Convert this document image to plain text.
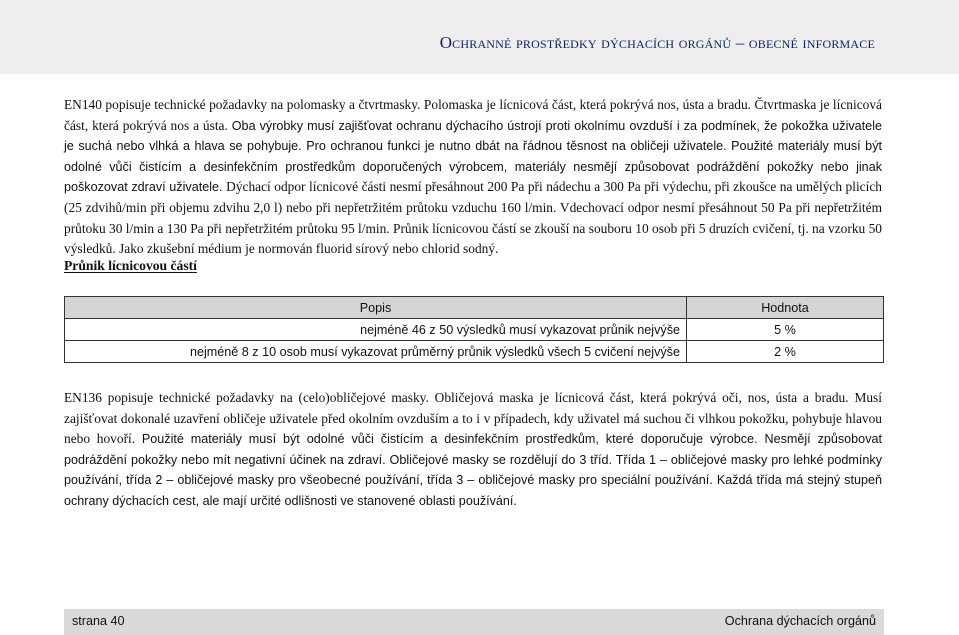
Ochranné prostředky dýchacích orgánů – obecné informace
EN140 popisuje technické požadavky na polomasky a čtvrtmasky. Polomaska je lícnicová část, která pokrývá nos, ústa a bradu. Čtvrtmaska je lícnicová část, která pokrývá nos a ústa. Oba výrobky musí zajišťovat ochranu dýchacího ústrojí proti okolnímu ovzduší i za podmínek, že pokožka uživatele je suchá nebo vlhká a hlava se pohybuje. Pro ochranou funkci je nutno dbát na řádnou těsnost na obličeji uživatele. Použité materiály musí být odolné vůči čistícím a desinfekčním prostředkům doporučených výrobcem, materiály nesmějí způsobovat podráždění pokožky nebo jinak poškozovat zdraví uživatele. Dýchací odpor lícnicové části nesmí přesáhnout 200 Pa při nádechu a 300 Pa při výdechu, při zkoušce na umělých plicích (25 zdvihů/min při objemu zdvihu 2,0 l) nebo při nepřetržitém průtoku vzduchu 160 l/min. Vdechovací odpor nesmí přesáhnout 50 Pa při nepřetržitém průtoku 30 l/min a 130 Pa při nepřetržitém průtoku 95 l/min. Průnik lícnicovou částí se zkouší na souboru 10 osob při 5 druzích cvičení, tj. na vzorku 50 výsledků. Jako zkušební médium je normován fluorid sírový nebo chlorid sodný.
Průnik lícnicovou částí
Popis	Hodnota
nejméně 46 z 50 výsledků musí vykazovat průnik nejvýše	5 %
nejméně 8 z 10 osob musí vykazovat průměrný průnik výsledků všech 5 cvičení nejvýše	2 %
EN136 popisuje technické požadavky na (celo)obličejové masky. Obličejová maska je lícnicová část, která pokrývá oči, nos, ústa a bradu. Musí zajišťovat dokonalé uzavření obličeje uživatele před okolním ovzduším a to i v případech, kdy uživatel má suchou či vlhkou pokožku, pohybuje hlavou nebo hovoří. Použité materiály musí být odolné vůči čistícím a desinfekčním prostředkům, které doporučuje výrobce. Nesmějí způsobovat podráždění pokožky nebo mít negativní účinek na zdraví. Obličejové masky se rozdělují do 3 tříd. Třída 1 – obličejové masky pro lehké podmínky používání, třída 2 – obličejové masky pro všeobecné používání, třída 3 – obličejové masky pro speciální používání. Každá třída má stejný stupeň ochrany dýchacích cest, ale mají určité odlišnosti ve stanovené oblasti používání.
strana 40	Ochrana dýchacích orgánů
